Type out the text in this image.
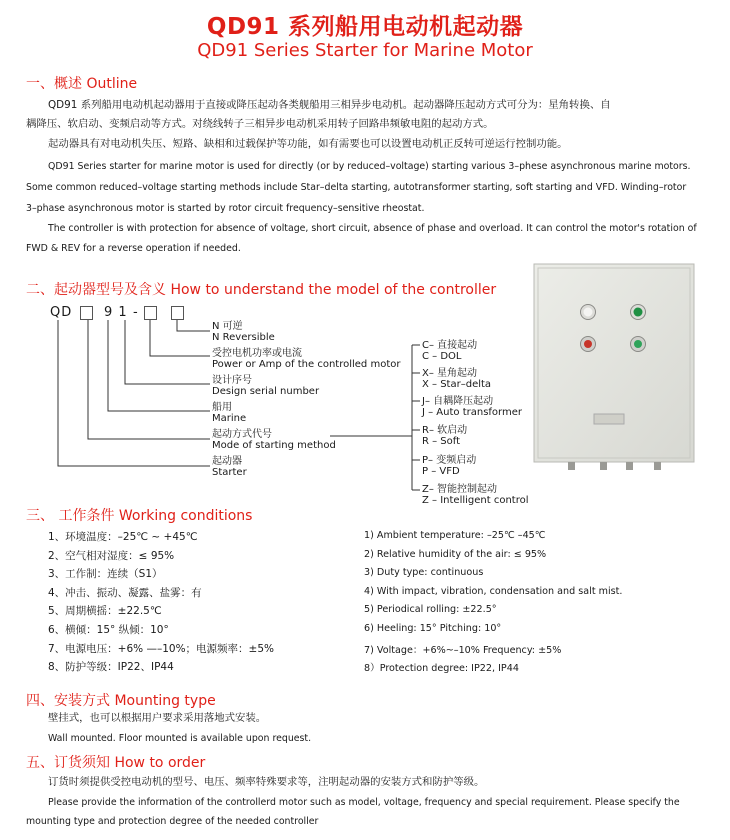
QD91 系列船用电动机起动器
QD91 Series Starter for Marine Motor
一、概述 Outline
QD91 系列船用电动机起动器用于直接或降压起动各类舰船用三相异步电动机。起动器降压起动方式可分为：星角转换、自
耦降压、软启动、变频启动等方式。对绕线转子三相异步电动机采用转子回路串频敏电阻的起动方式。
起动器具有对电动机失压、短路、缺相和过载保护等功能，如有需要也可以设置电动机正反转可逆运行控制功能。
QD91 Series starter for marine motor is used for directly (or by reduced–voltage) starting various 3–phese asynchronous marine motors.
Some common reduced–voltage starting methods include Star–delta starting, autotransformer starting, soft starting and VFD. Winding–rotor
3–phase asynchronous motor is started by rotor circuit frequency–sensitive rheostat.
The controller is with protection for absence of voltage, short circuit, absence of phase and overload. It can control the motor's rotation of
FWD & REV for a reverse operation if needed.
二、起动器型号及含义 How to understand the model of the controller
QD 9 1 -
N 可逆
N Reversible
受控电机功率或电流
Power or Amp of the controlled motor
设计序号
Design serial number
船用
Marine
起动方式代号
Mode of starting method
起动器
Starter
C– 直接起动
C – DOL
X– 星角起动
X – Star–delta
J– 自耦降压起动
J – Auto transformer
R– 软启动
R – Soft
P– 变频启动
P – VFD
Z– 智能控制起动
Z – Intelligent control
三、 工作条件 Working conditions
1、环境温度：–25℃ ~ +45℃
2、空气相对湿度：≤ 95%
3、工作制：连续（S1）
4、冲击、振动、凝露、盐雾：有
5、周期横摇：±22.5℃
6、横倾：15° 纵倾：10°
7、电源电压：+6% —–10%；电源频率：±5%
8、防护等级：IP22、IP44
1) Ambient temperature: –25℃ –45℃
2) Relative humidity of the air: ≤ 95%
3) Duty type: continuous
4) With impact, vibration, condensation and salt mist.
5) Periodical rolling: ±22.5°
6) Heeling: 15° Pitching: 10°
7) Voltage：+6%~–10% Frequency: ±5%
8）Protection degree: IP22, IP44
四、安装方式 Mounting type
壁挂式，也可以根据用户要求采用落地式安装。
Wall mounted. Floor mounted is available upon request.
五、订货须知 How to order
订货时须提供受控电动机的型号、电压、频率特殊要求等，注明起动器的安装方式和防护等级。
Please provide the information of the controllerd motor such as model, voltage, frequency and special requirement. Please specify the
mounting type and protection degree of the needed controller
